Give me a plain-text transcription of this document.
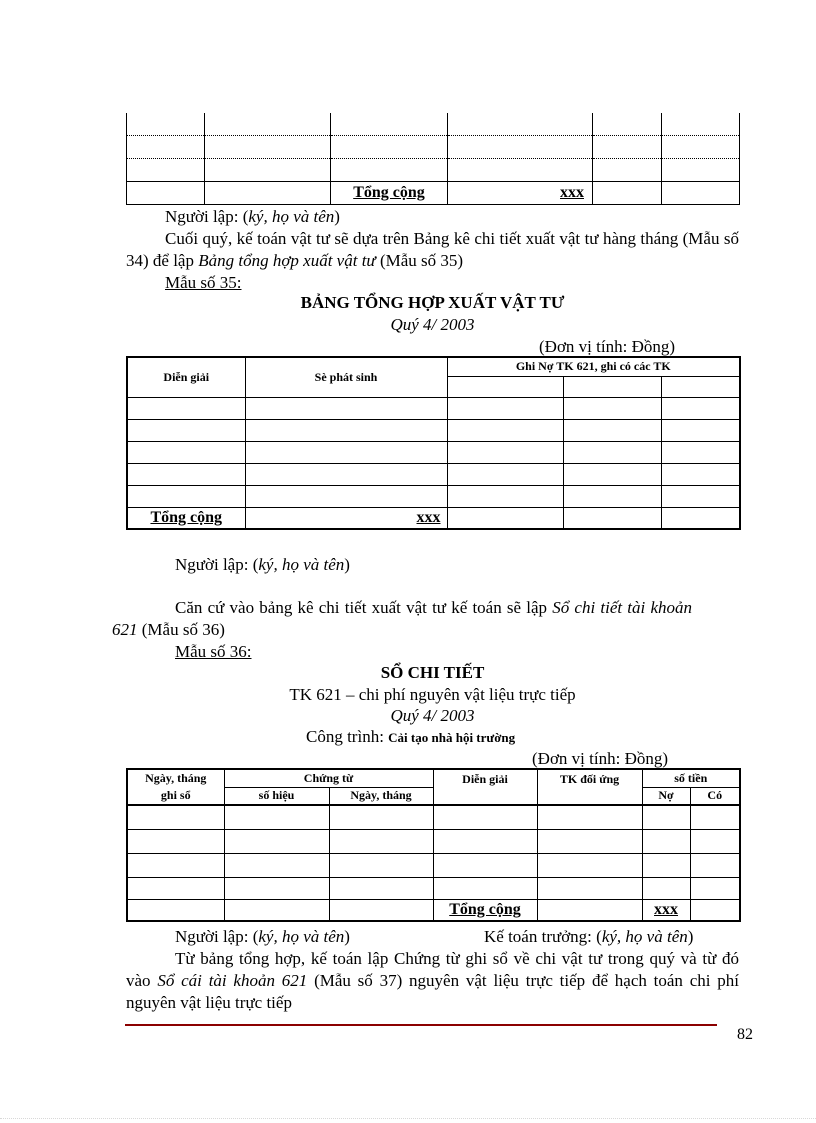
		Tổng cộng	xxx		
Người lập: (ký, họ và tên)
Cuối quý, kế toán vật tư sẽ dựa trên Bảng kê chi tiết xuất vật tư hàng tháng (Mẫu số 34) để lập Bảng tổng hợp xuất vật tư (Mẫu số 35)
Mẫu số 35:
BẢNG TỔNG HỢP XUẤT VẬT TƯ
Quý 4/ 2003
(Đơn vị tính: Đồng)
Diễn giải	Sè phát sinh	Ghi Nợ TK 621, ghi có các TK		

Tổng cộng	xxx			
Người lập: (ký, họ và tên)
Căn cứ vào bảng kê chi tiết xuất vật tư kế toán sẽ lập Sổ chi tiết tài khoản 621 (Mẫu số 36)
Mẫu số 36:
SỔ CHI TIẾT
TK 621 – chi phí nguyên vật liệu trực tiếp
Quý 4/ 2003
Công trình: Cải tạo nhà hội trường
(Đơn vị tính: Đồng)
Ngày, tháng
ghi sổ	Chứng từ		Diễn giải	TK đối ứng	số tiền	
	số hiệu	Ngày, tháng			Nợ	Có

			Tổng cộng		xxx	
Người lập: (ký, họ và tên)	Kế toán trưởng: (ký, họ và tên)
Từ bảng tổng hợp, kế toán lập Chứng từ ghi sổ về chi vật tư trong quý và từ đó vào Sổ cái tài khoản 621 (Mẫu số 37) nguyên vật liệu trực tiếp để hạch toán chi phí nguyên vật liệu trực tiếp
82
